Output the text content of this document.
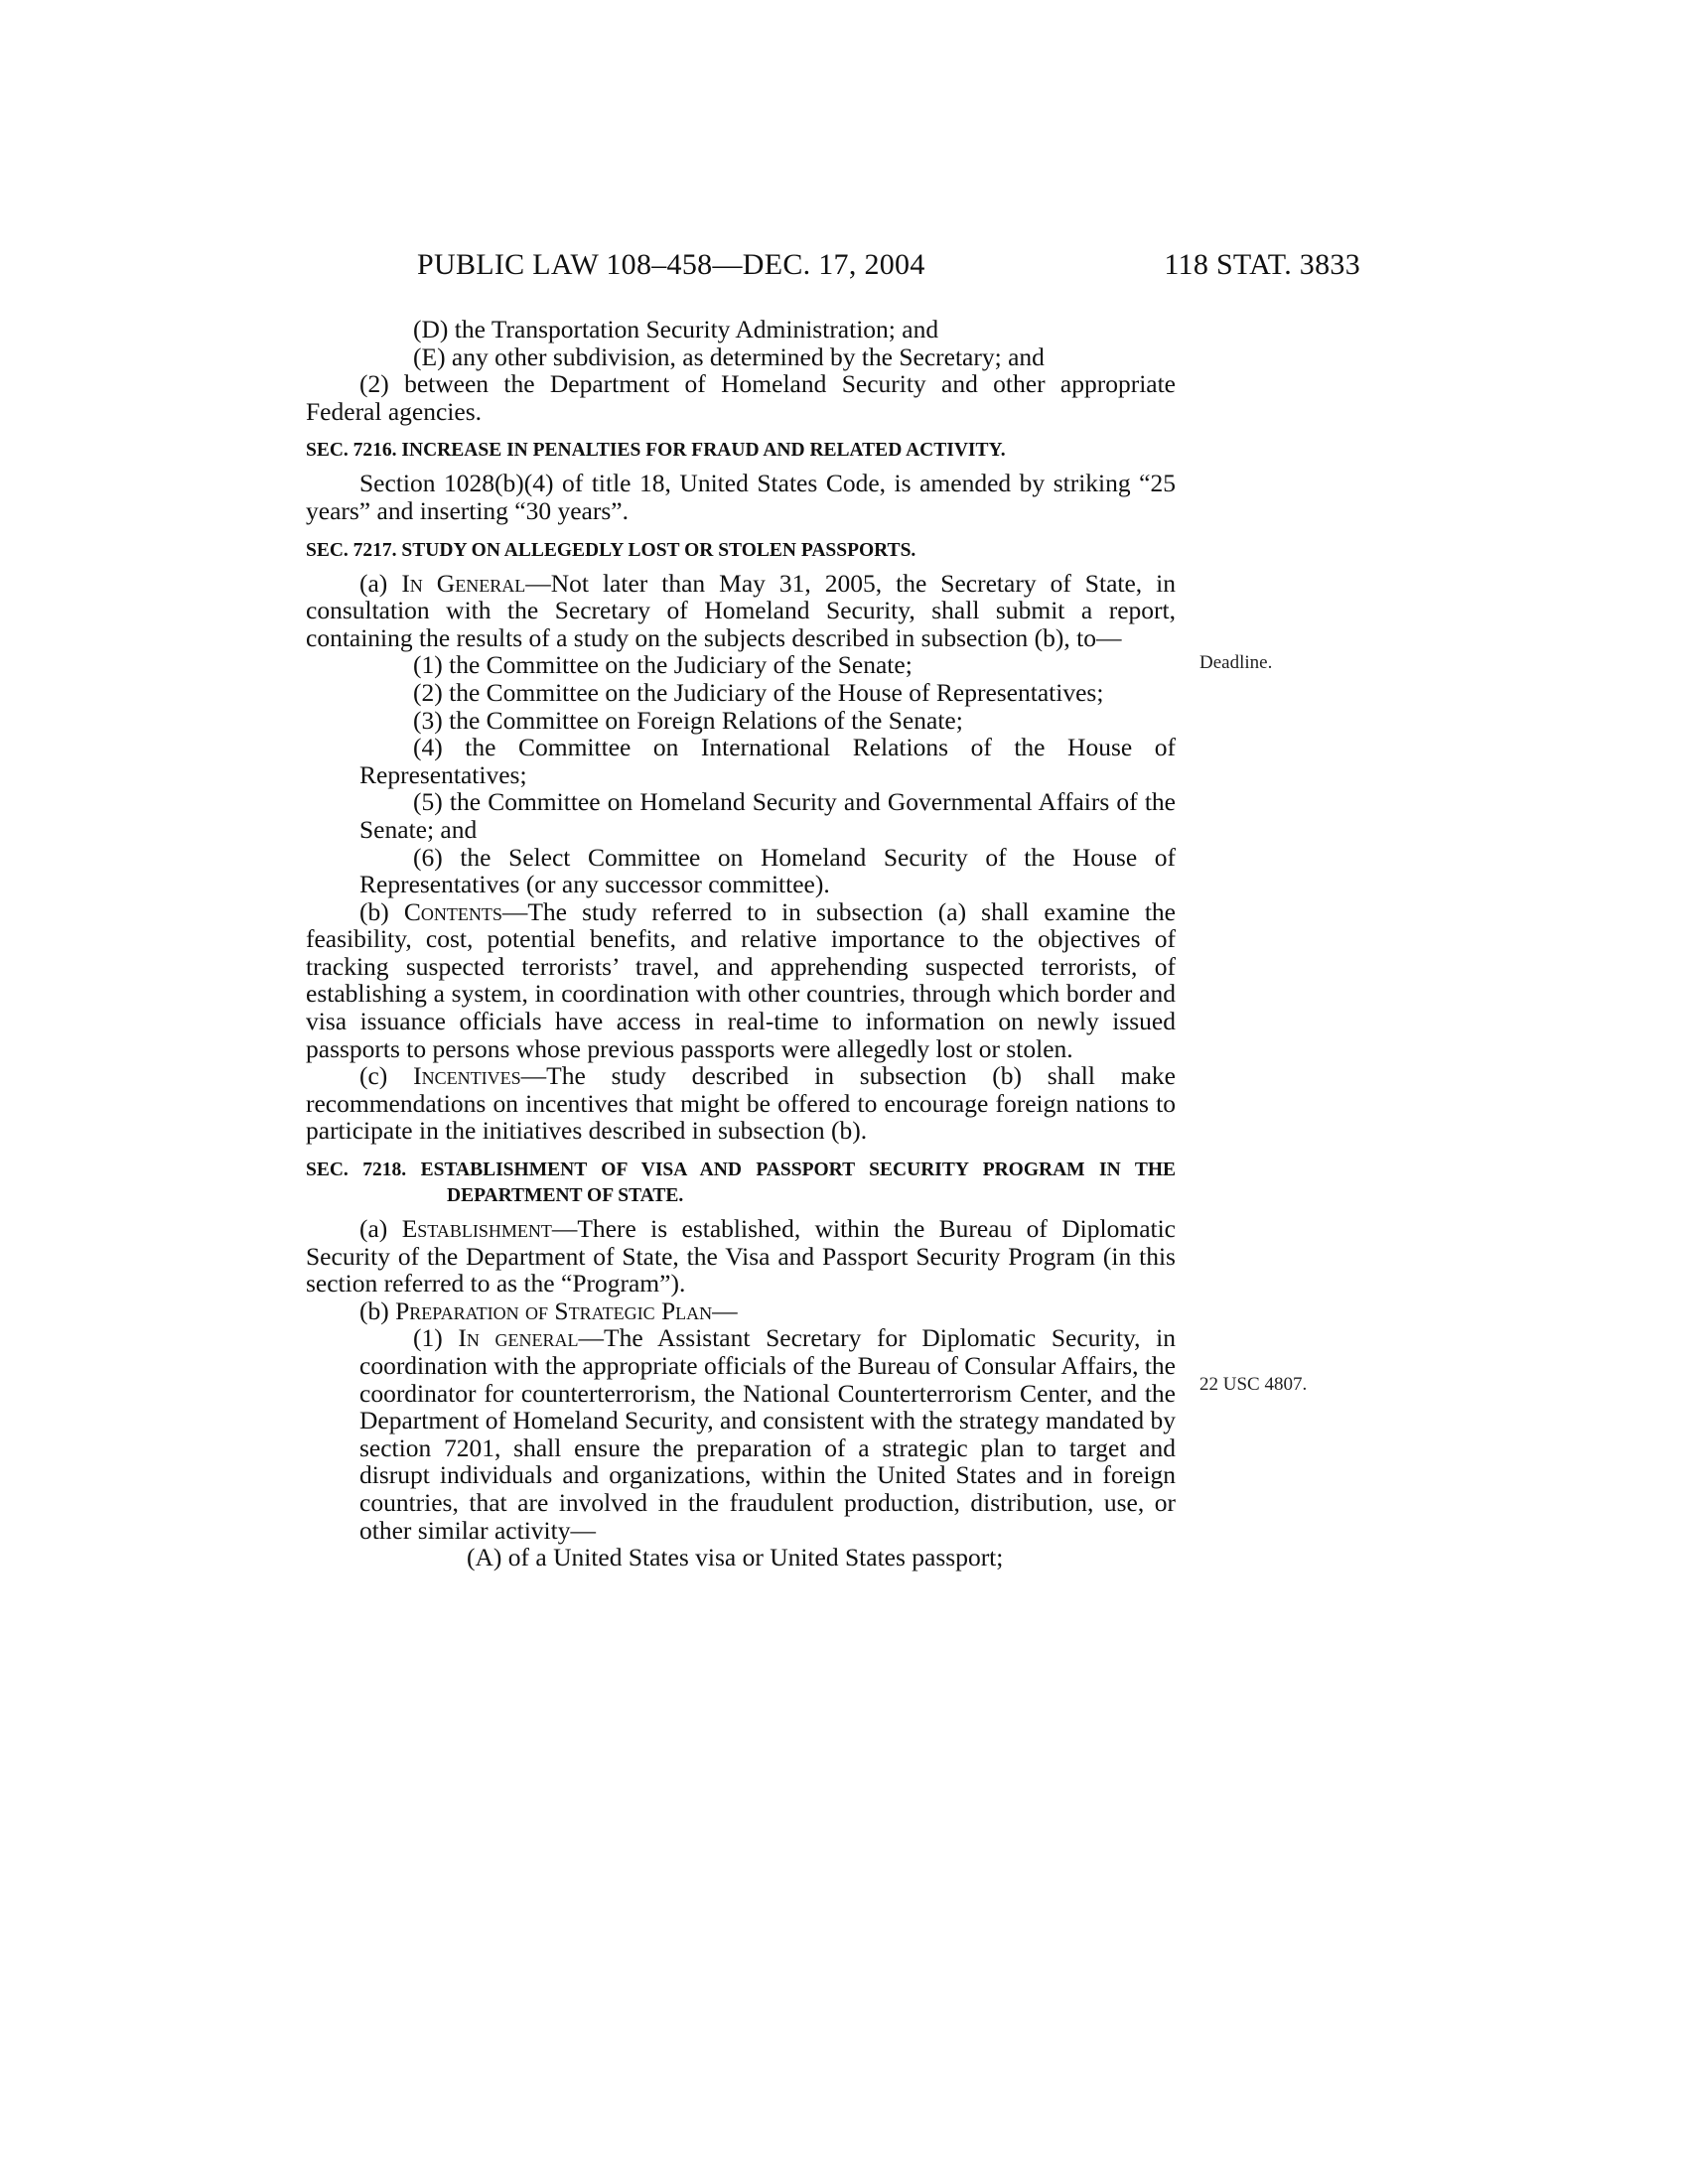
PUBLIC LAW 108–458—DEC. 17, 2004	118 STAT. 3833
Deadline.
22 USC 4807.

(D) the Transportation Security Administration; and

(E) any other subdivision, as determined by the Secretary; and

(2) between the Department of Homeland Security and other appropriate Federal agencies.

SEC. 7216. INCREASE IN PENALTIES FOR FRAUD AND RELATED ACTIVITY.

Section 1028(b)(4) of title 18, United States Code, is amended by striking “25 years” and inserting “30 years”.

SEC. 7217. STUDY ON ALLEGEDLY LOST OR STOLEN PASSPORTS.

(a) In General—Not later than May 31, 2005, the Secretary of State, in consultation with the Secretary of Homeland Security, shall submit a report, containing the results of a study on the subjects described in subsection (b), to—

(1) the Committee on the Judiciary of the Senate;

(2) the Committee on the Judiciary of the House of Representatives;

(3) the Committee on Foreign Relations of the Senate;

(4) the Committee on International Relations of the House of Representatives;

(5) the Committee on Homeland Security and Governmental Affairs of the Senate; and

(6) the Select Committee on Homeland Security of the House of Representatives (or any successor committee).

(b) Contents—The study referred to in subsection (a) shall examine the feasibility, cost, potential benefits, and relative importance to the objectives of tracking suspected terrorists’ travel, and apprehending suspected terrorists, of establishing a system, in coordination with other countries, through which border and visa issuance officials have access in real-time to information on newly issued passports to persons whose previous passports were allegedly lost or stolen.

(c) Incentives—The study described in subsection (b) shall make recommendations on incentives that might be offered to encourage foreign nations to participate in the initiatives described in subsection (b).

SEC. 7218. ESTABLISHMENT OF VISA AND PASSPORT SECURITY PROGRAM IN THE DEPARTMENT OF STATE.

(a) Establishment—There is established, within the Bureau of Diplomatic Security of the Department of State, the Visa and Passport Security Program (in this section referred to as the “Program”).

(b) Preparation of Strategic Plan—

(1) In general—The Assistant Secretary for Diplomatic Security, in coordination with the appropriate officials of the Bureau of Consular Affairs, the coordinator for counterterrorism, the National Counterterrorism Center, and the Department of Homeland Security, and consistent with the strategy mandated by section 7201, shall ensure the preparation of a strategic plan to target and disrupt individuals and organizations, within the United States and in foreign countries, that are involved in the fraudulent production, distribution, use, or other similar activity—

(A) of a United States visa or United States passport;
